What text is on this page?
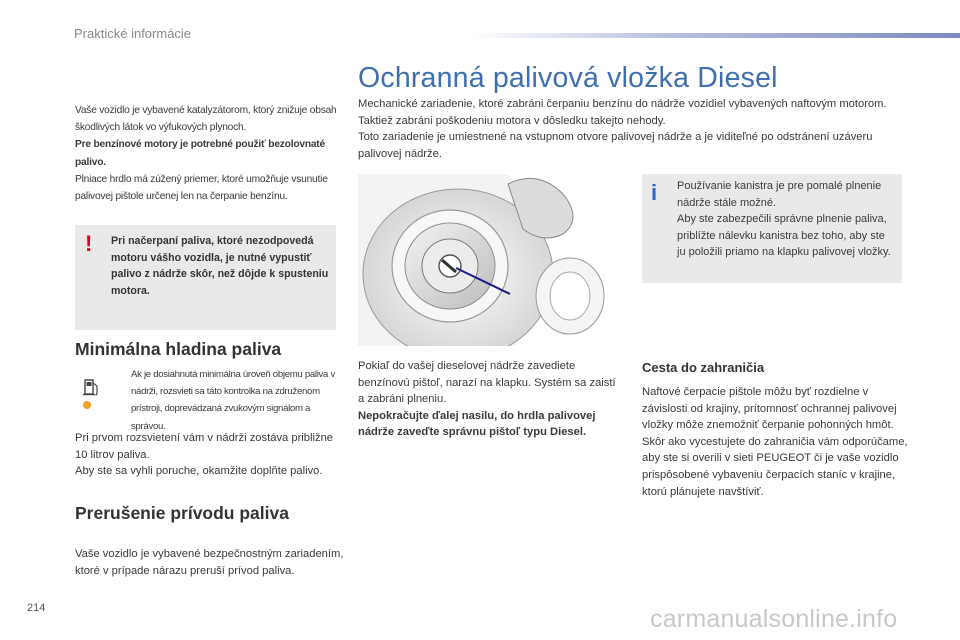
Praktické informácie

Vaše vozidlo je vybavené katalyzátorom, ktorý znižuje obsah škodlivých látok vo výfukových plynoch.

Pre benzínové motory je potrebné použiť bezolovnaté palivo.

Plniace hrdlo má zúžený priemer, ktoré umožňuje vsunutie palivovej pištole určenej len na čerpanie benzínu.

! Pri načerpaní paliva, ktoré nezodpovedá motoru vášho vozidla, je nutné vypustiť palivo z nádrže skôr, než dôjde k spusteniu motora.
Minimálna hladina paliva
Ak je dosiahnutá minimálna úroveň objemu paliva v nádrži, rozsvieti sa táto kontrolka na združenom prístroji, doprevádzaná zvukovým signálom a správou.

Pri prvom rozsvietení vám v nádrži zostáva približne 10 litrov paliva.

Aby ste sa vyhli poruche, okamžite doplňte palivo.

Prerušenie prívodu paliva
Vaše vozidlo je vybavené bezpečnostným zariadením, ktoré v prípade nárazu preruší prívod paliva.
Ochranná palivová vložka Diesel

Mechanické zariadenie, ktoré zabráni čerpaniu benzínu do nádrže vozidiel vybavených naftovým motorom. Taktiež zabráni poškodeniu motora v dôsledku takejto nehody.

Toto zariadenie je umiestnené na vstupnom otvore palivovej nádrže a je viditeľné po odstránení uzáveru palivovej nádrže.

i Používanie kanistra je pre pomalé plnenie nádrže stále možné.

Aby ste zabezpečili správne plnenie paliva, priblížte nálevku kanistra bez toho, aby ste ju položili priamo na klapku palivovej vložky.

Pokiaľ do vašej dieselovej nádrže zavediete benzínovú pištoľ, narazí na klapku. Systém sa zaistí a zabráni plneniu.

Nepokračujte ďalej nasilu, do hrdla palivovej nádrže zaveďte správnu pištoľ typu Diesel.

Cesta do zahraničia

Naftové čerpacie pištole môžu byť rozdielne v závislosti od krajiny, prítomnosť ochrannej palivovej vložky môže znemožniť čerpanie pohonných hmôt.

Skôr ako vycestujete do zahraničia vám odporúčame, aby ste si overili v sieti PEUGEOT či je vaše vozidlo prispôsobené vybaveniu čerpacích staníc v krajine, ktorú plánujete navštíviť.

214	carmanualsonline.info
